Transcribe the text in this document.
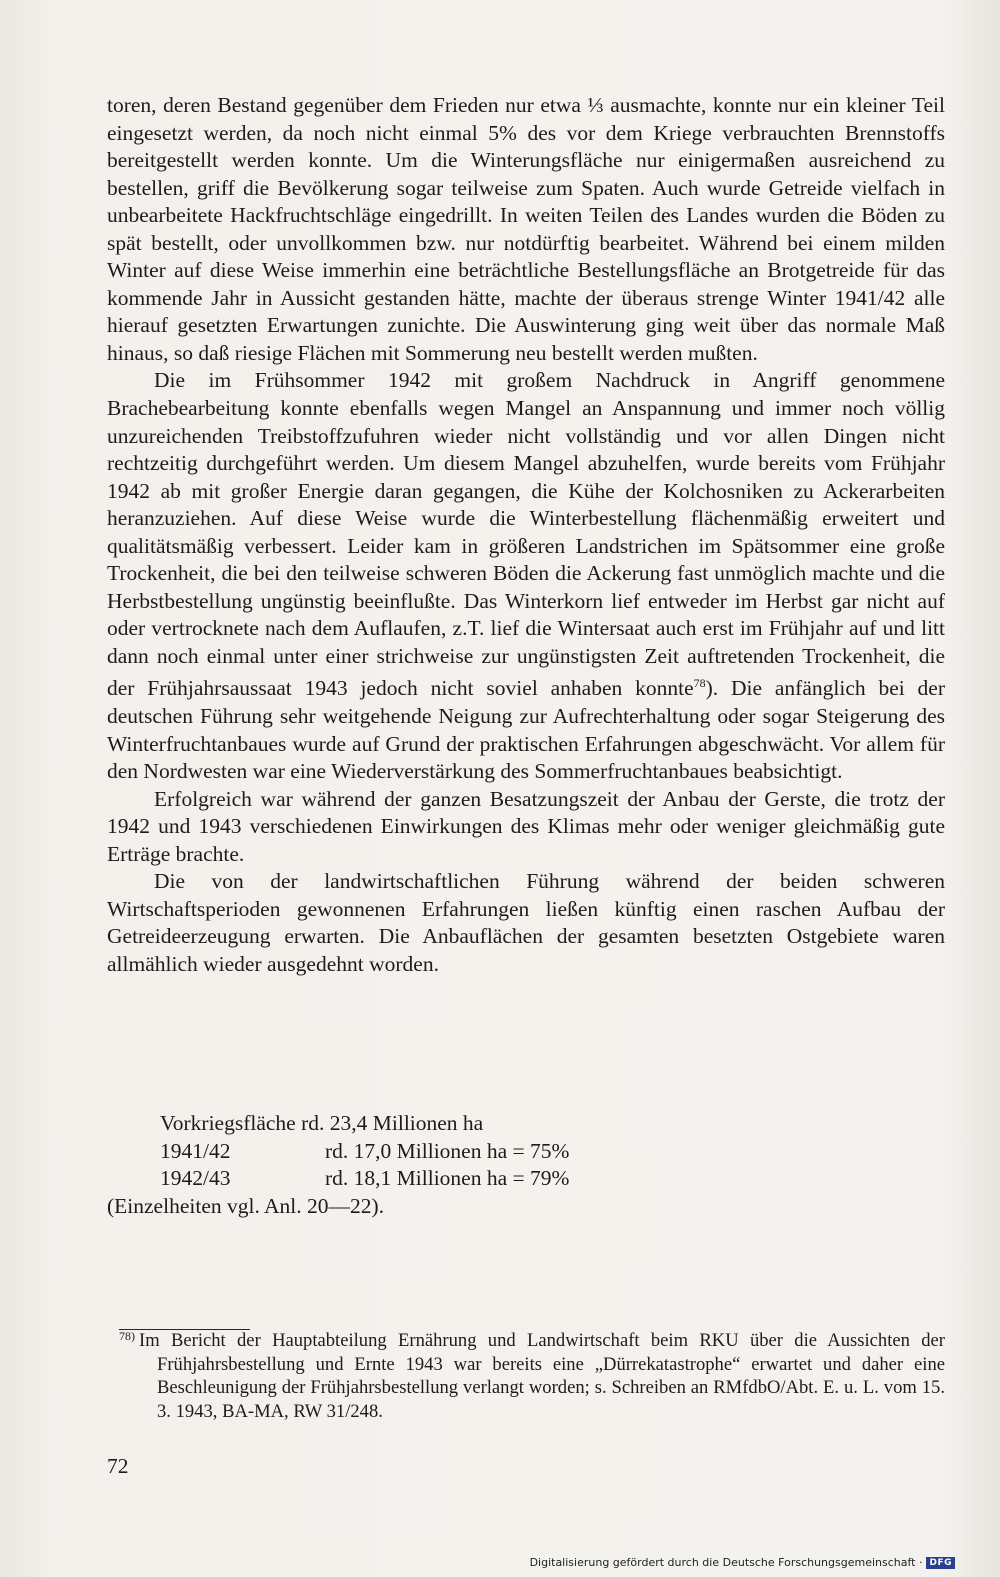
toren, deren Bestand gegenüber dem Frieden nur etwa ⅓ ausmachte, konnte nur ein kleiner Teil eingesetzt werden, da noch nicht einmal 5% des vor dem Kriege verbrauchten Brennstoffs bereitgestellt werden konnte. Um die Winterungsfläche nur einigermaßen ausreichend zu bestellen, griff die Bevölkerung sogar teilweise zum Spaten. Auch wurde Getreide vielfach in unbearbeitete Hackfruchtschläge eingedrillt. In weiten Teilen des Landes wurden die Böden zu spät bestellt, oder unvollkommen bzw. nur notdürftig bearbeitet. Während bei einem milden Winter auf diese Weise immerhin eine beträchtliche Bestellungsfläche an Brotgetreide für das kommende Jahr in Aussicht gestanden hätte, machte der überaus strenge Winter 1941/42 alle hierauf gesetzten Erwartungen zunichte. Die Auswinterung ging weit über das normale Maß hinaus, so daß riesige Flächen mit Sommerung neu bestellt werden mußten.

Die im Frühsommer 1942 mit großem Nachdruck in Angriff genommene Brachebearbeitung konnte ebenfalls wegen Mangel an Anspannung und immer noch völlig unzureichenden Treibstoffzufuhren wieder nicht vollständig und vor allen Dingen nicht rechtzeitig durchgeführt werden. Um diesem Mangel abzuhelfen, wurde bereits vom Frühjahr 1942 ab mit großer Energie daran gegangen, die Kühe der Kolchosniken zu Ackerarbeiten heranzuziehen. Auf diese Weise wurde die Winterbestellung flächenmäßig erweitert und qualitätsmäßig verbessert. Leider kam in größeren Landstrichen im Spätsommer eine große Trockenheit, die bei den teilweise schweren Böden die Ackerung fast unmöglich machte und die Herbstbestellung ungünstig beeinflußte. Das Winterkorn lief entweder im Herbst gar nicht auf oder vertrocknete nach dem Auflaufen, z.T. lief die Wintersaat auch erst im Frühjahr auf und litt dann noch einmal unter einer strichweise zur ungünstigsten Zeit auftretenden Trockenheit, die der Frühjahrsaussaat 1943 jedoch nicht soviel anhaben konnte$^{78}$). Die anfänglich bei der deutschen Führung sehr weitgehende Neigung zur Aufrechterhaltung oder sogar Steigerung des Winterfruchtanbaues wurde auf Grund der praktischen Erfahrungen abgeschwächt. Vor allem für den Nordwesten war eine Wiederverstärkung des Sommerfruchtanbaues beabsichtigt.

Erfolgreich war während der ganzen Besatzungszeit der Anbau der Gerste, die trotz der 1942 und 1943 verschiedenen Einwirkungen des Klimas mehr oder weniger gleichmäßig gute Erträge brachte.

Die von der landwirtschaftlichen Führung während der beiden schweren Wirtschaftsperioden gewonnenen Erfahrungen ließen künftig einen raschen Aufbau der Getreideerzeugung erwarten. Die Anbauflächen der gesamten besetzten Ostgebiete waren allmählich wieder ausgedehnt worden.

Vorkriegsfläche rd. 23,4 Millionen ha
1941/42	rd. 17,0 Millionen ha = 75%
1942/43	rd. 18,1 Millionen ha = 79%
(Einzelheiten vgl. Anl. 20—22).
$^{78)}$ Im Bericht der Hauptabteilung Ernährung und Landwirtschaft beim RKU über die Aussichten der Frühjahrsbestellung und Ernte 1943 war bereits eine „Dürrekatastrophe“ erwartet und daher eine Beschleunigung der Frühjahrsbestellung verlangt worden; s. Schreiben an RMfdbO/Abt. E. u. L. vom 15. 3. 1943, BA-MA, RW 31/248.
72
Digitalisierung gefördert durch die Deutsche Forschungsgemeinschaft · DFG
